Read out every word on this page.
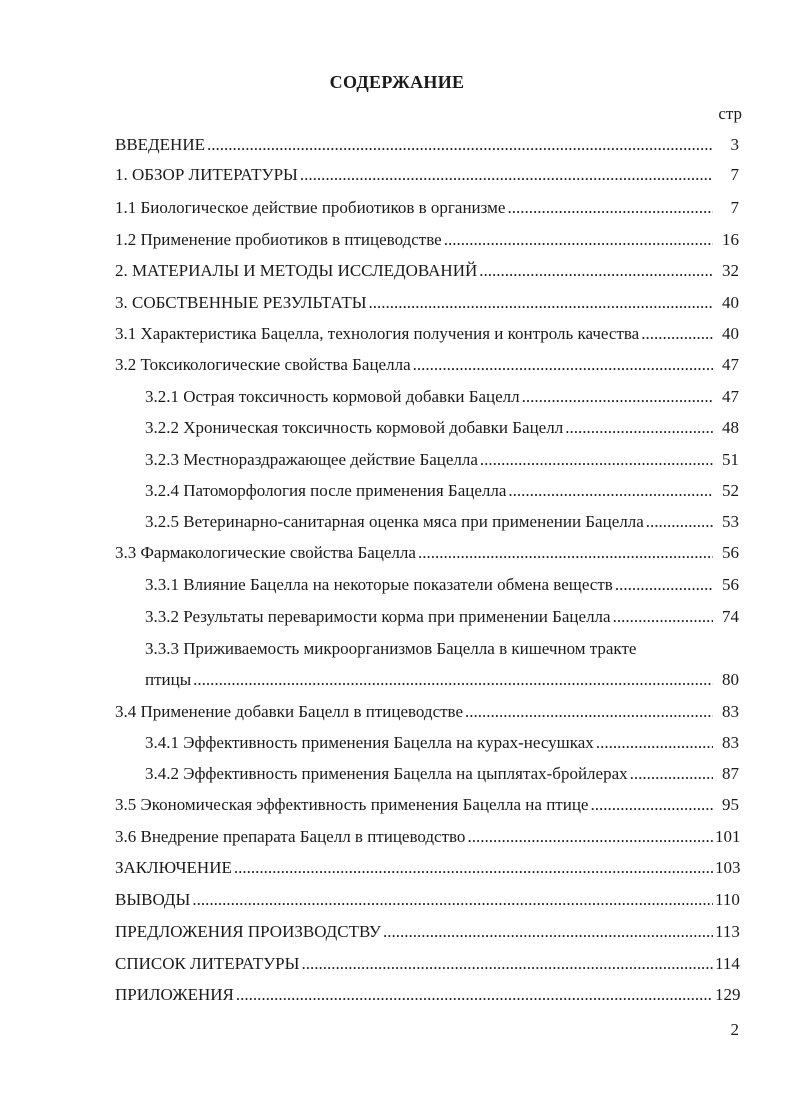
СОДЕРЖАНИЕ
стр
ВВЕДЕНИЕ .....	3
1. ОБЗОР ЛИТЕРАТУРЫ .....	7
1.1 Биологическое действие пробиотиков в организме .....	7
1.2 Применение пробиотиков в птицеводстве .....	16
2. МАТЕРИАЛЫ И МЕТОДЫ ИССЛЕДОВАНИЙ .....	32
3. СОБСТВЕННЫЕ РЕЗУЛЬТАТЫ .....	40
3.1 Характеристика Бацелла, технология получения и контроль качества .....	40
3.2 Токсикологические свойства Бацелла .....	47
3.2.1 Острая токсичность кормовой добавки Бацелл .....	47
3.2.2 Хроническая токсичность кормовой добавки Бацелл .....	48
3.2.3 Местнораздражающее действие Бацелла .....	51
3.2.4 Патоморфология после применения Бацелла .....	52
3.2.5 Ветеринарно-санитарная оценка мяса при применении Бацелла .....	53
3.3 Фармакологические свойства Бацелла .....	56
3.3.1 Влияние Бацелла на некоторые показатели обмена веществ .....	56
3.3.2 Результаты переваримости корма при применении Бацелла .....	74
3.3.3 Приживаемость микроорганизмов Бацелла в кишечном тракте
птицы .....	80
3.4 Применение добавки Бацелл в птицеводстве .....	83
3.4.1 Эффективность применения Бацелла на курах-несушках .....	83
3.4.2 Эффективность применения Бацелла на цыплятах-бройлерах .....	87
3.5 Экономическая эффективность применения Бацелла на птице .....	95
3.6 Внедрение препарата Бацелл в птицеводство .....	101
ЗАКЛЮЧЕНИЕ .....	103
ВЫВОДЫ .....	110
ПРЕДЛОЖЕНИЯ ПРОИЗВОДСТВУ .....	113
СПИСОК ЛИТЕРАТУРЫ .....	114
ПРИЛОЖЕНИЯ .....	129
2
